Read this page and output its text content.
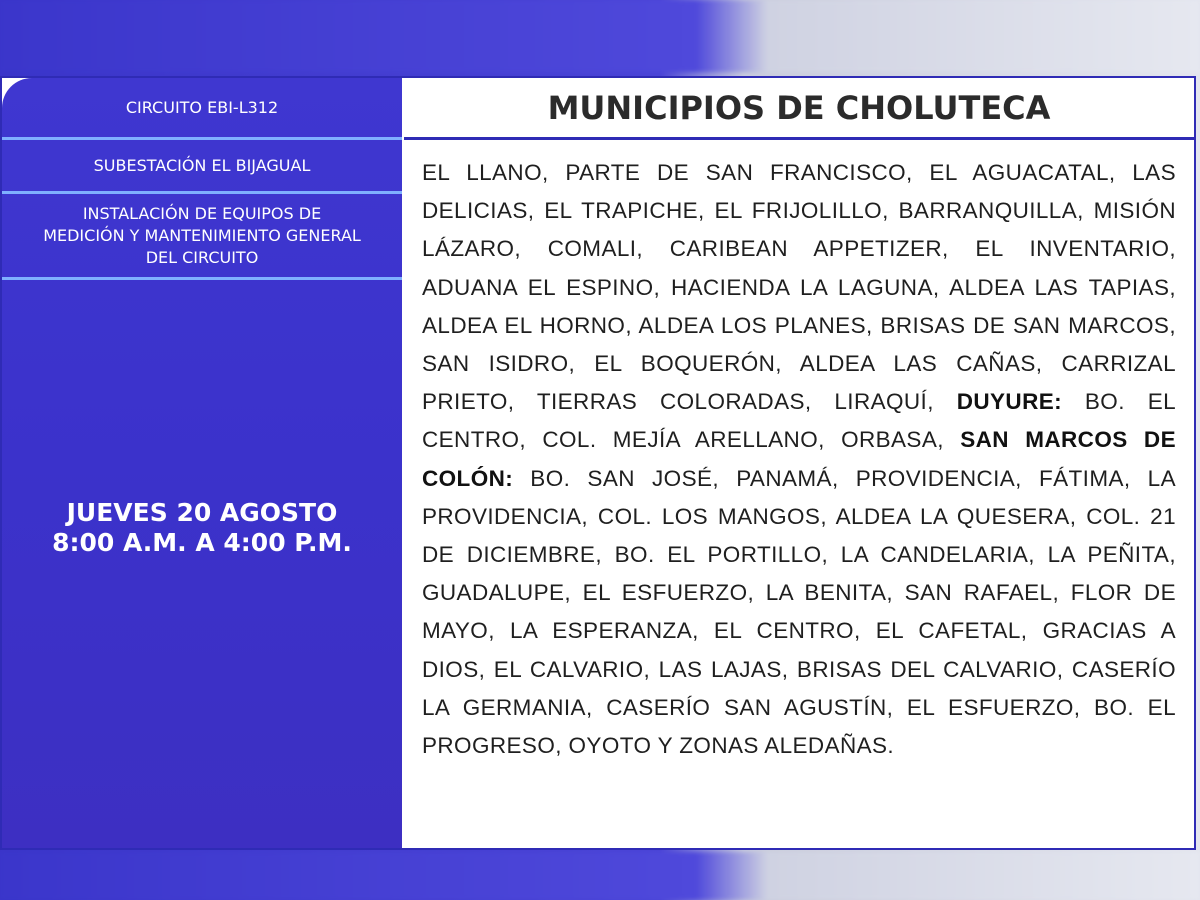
CIRCUITO EBI-L312
SUBESTACIÓN EL BIJAGUAL
INSTALACIÓN DE EQUIPOS DE MEDICIÓN Y MANTENIMIENTO GENERAL DEL CIRCUITO
JUEVES 20 AGOSTO
8:00 A.M. A 4:00 P.M.
MUNICIPIOS DE CHOLUTECA
EL LLANO, PARTE DE SAN FRANCISCO, EL AGUACATAL, LAS DELICIAS, EL TRAPICHE, EL FRIJOLILLO, BARRANQUILLA, MISIÓN LÁZARO, COMALI, CARIBEAN APPETIZER, EL INVENTARIO, ADUANA EL ESPINO, HACIENDA LA LAGUNA, ALDEA LAS TAPIAS, ALDEA EL HORNO, ALDEA LOS PLANES, BRISAS DE SAN MARCOS, SAN ISIDRO, EL BOQUERÓN, ALDEA LAS CAÑAS, CARRIZAL PRIETO, TIERRAS COLORADAS, LIRAQUÍ, DUYURE: BO. EL CENTRO, COL. MEJÍA ARELLANO, ORBASA, SAN MARCOS DE COLÓN: BO. SAN JOSÉ, PANAMÁ, PROVIDENCIA, FÁTIMA, LA PROVIDENCIA, COL. LOS MANGOS, ALDEA LA QUESERA, COL. 21 DE DICIEMBRE, BO. EL PORTILLO, LA CANDELARIA, LA PEÑITA, GUADALUPE, EL ESFUERZO, LA BENITA, SAN RAFAEL, FLOR DE MAYO, LA ESPERANZA, EL CENTRO, EL CAFETAL, GRACIAS A DIOS, EL CALVARIO, LAS LAJAS, BRISAS DEL CALVARIO, CASERÍO LA GERMANIA, CASERÍO SAN AGUSTÍN, EL ESFUERZO, BO. EL PROGRESO, OYOTO Y ZONAS ALEDAÑAS.
